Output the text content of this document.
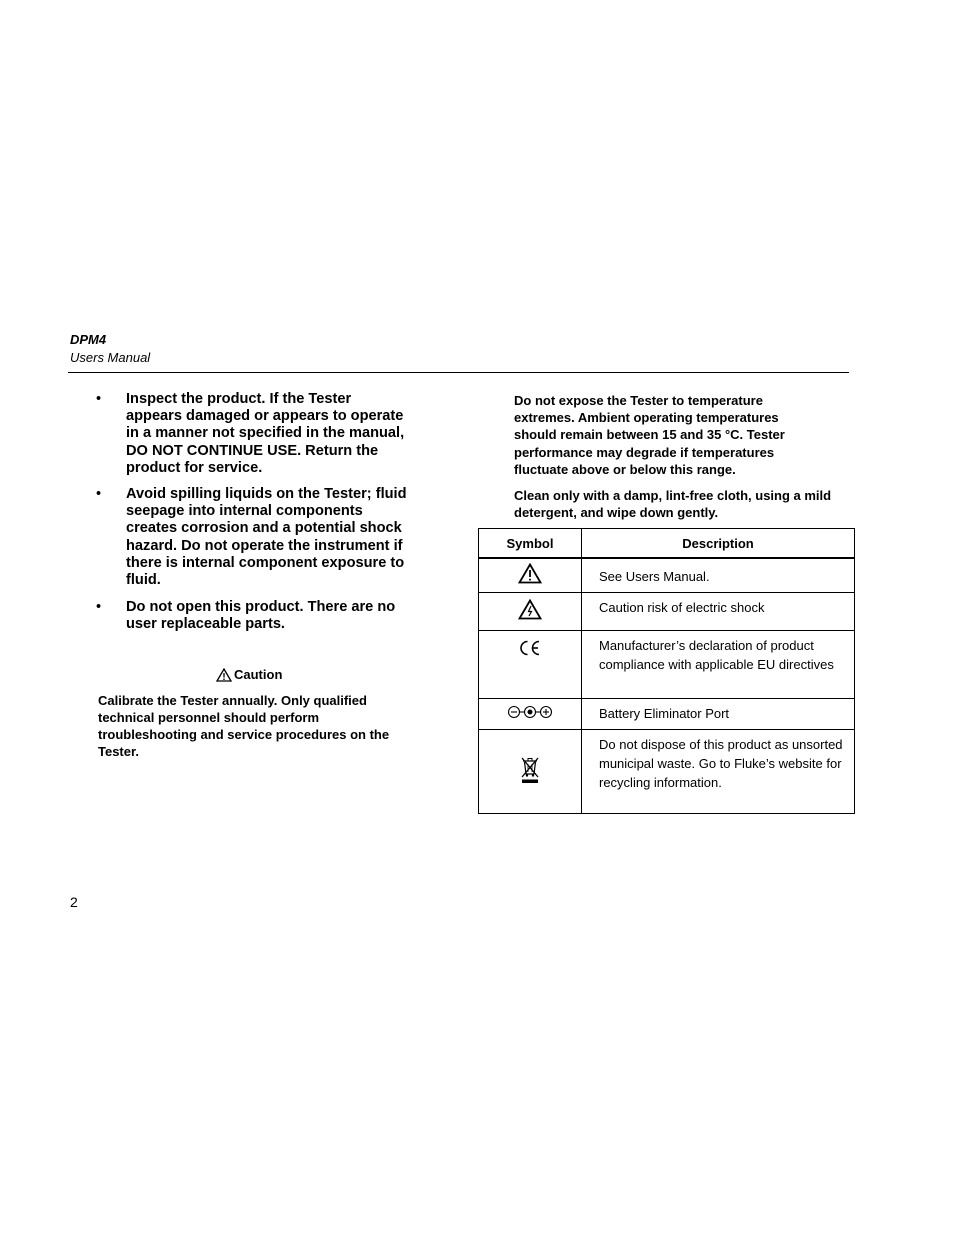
DPM4
Users Manual
• Inspect the product. If the Tester appears damaged or appears to operate in a manner not specified in the manual, DO NOT CONTINUE USE. Return the product for service.
• Avoid spilling liquids on the Tester; fluid seepage into internal components creates corrosion and a potential shock hazard. Do not operate the instrument if there is internal component exposure to fluid.
• Do not open this product. There are no user replaceable parts.
Caution
Calibrate the Tester annually. Only qualified technical personnel should perform troubleshooting and service procedures on the Tester.
Do not expose the Tester to temperature extremes. Ambient operating temperatures should remain between 15 and 35 °C. Tester performance may degrade if temperatures fluctuate above or below this range.
Clean only with a damp, lint-free cloth, using a mild detergent, and wipe down gently.
Symbol	Description
	See Users Manual.
	Caution risk of electric shock
	Manufacturer’s declaration of product compliance with applicable EU directives
	Battery Eliminator Port
	Do not dispose of this product as unsorted municipal waste. Go to Fluke’s website for recycling information.
2
